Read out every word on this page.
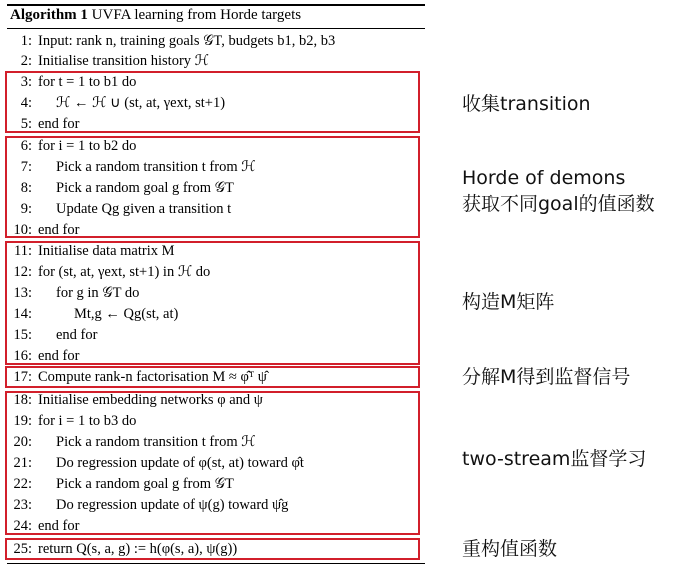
Algorithm 1 UVFA learning from Horde targets
1: Input: rank n, training goals 𝒢T, budgets b1, b2, b3
2: Initialise transition history ℋ
3: for t = 1 to b1 do
4: ℋ ← ℋ ∪ (st, at, γext, st+1)
5: end for
6: for i = 1 to b2 do
7: Pick a random transition t from ℋ
8: Pick a random goal g from 𝒢T
9: Update Qg given a transition t
10: end for
11: Initialise data matrix M
12: for (st, at, γext, st+1) in ℋ do
13: for g in 𝒢T do
14:	Mt,g ← Qg(st, at)
15: end for
16: end for
17: Compute rank-n factorisation M ≈ φ̂ᵀ ψ̂
18: Initialise embedding networks φ and ψ
19: for i = 1 to b3 do
20: Pick a random transition t from ℋ
21: Do regression update of φ(st, at) toward φ̂t
22: Pick a random goal g from 𝒢T
23: Do regression update of ψ(g) toward ψ̂g
24: end for
25: return Q(s, a, g) := h(φ(s, a), ψ(g))
收集transition
Horde of demons
获取不同goal的值函数
构造M矩阵
分解M得到监督信号
two-stream监督学习
重构值函数
